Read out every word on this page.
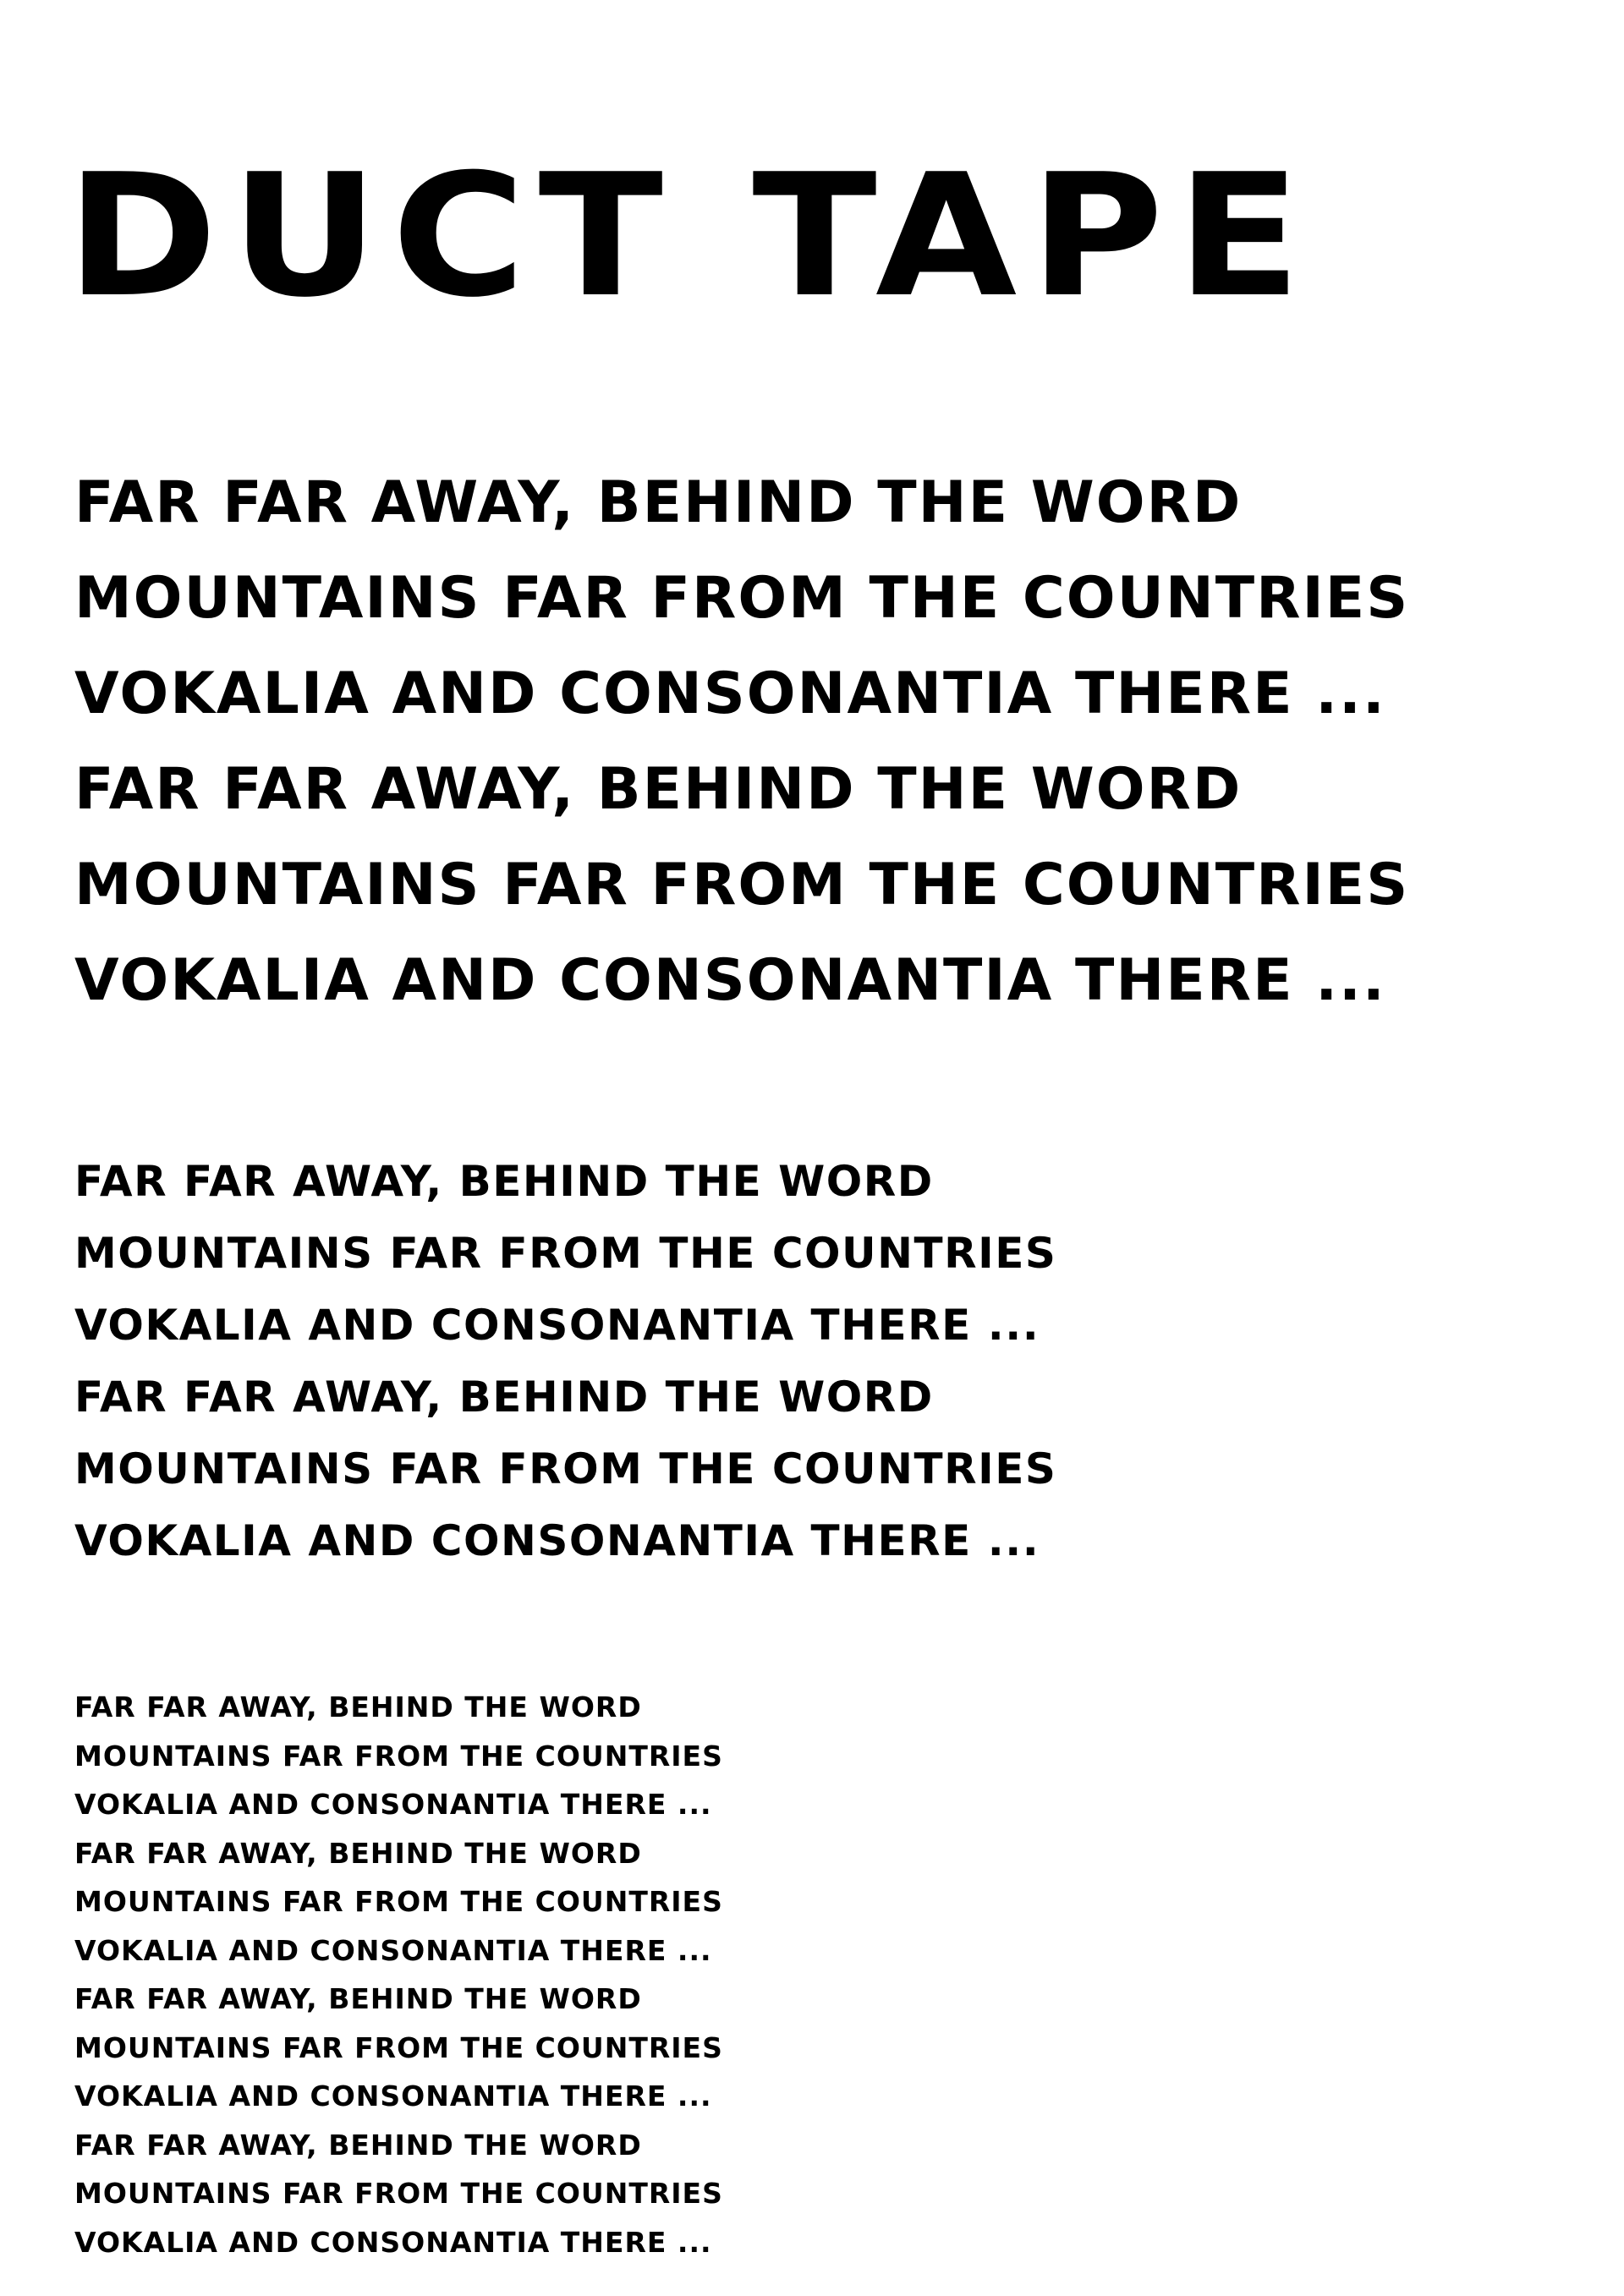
DUCT TAPE
FAR FAR AWAY, BEHIND THE WORD
MOUNTAINS FAR FROM THE COUNTRIES
VOKALIA AND CONSONANTIA THERE ...
FAR FAR AWAY, BEHIND THE WORD
MOUNTAINS FAR FROM THE COUNTRIES
VOKALIA AND CONSONANTIA THERE ...
FAR FAR AWAY, BEHIND THE WORD
MOUNTAINS FAR FROM THE COUNTRIES
VOKALIA AND CONSONANTIA THERE ...
FAR FAR AWAY, BEHIND THE WORD
MOUNTAINS FAR FROM THE COUNTRIES
VOKALIA AND CONSONANTIA THERE ...
FAR FAR AWAY, BEHIND THE WORD
MOUNTAINS FAR FROM THE COUNTRIES
VOKALIA AND CONSONANTIA THERE ...
FAR FAR AWAY, BEHIND THE WORD
MOUNTAINS FAR FROM THE COUNTRIES
VOKALIA AND CONSONANTIA THERE ...
FAR FAR AWAY, BEHIND THE WORD
MOUNTAINS FAR FROM THE COUNTRIES
VOKALIA AND CONSONANTIA THERE ...
FAR FAR AWAY, BEHIND THE WORD
MOUNTAINS FAR FROM THE COUNTRIES
VOKALIA AND CONSONANTIA THERE ...
